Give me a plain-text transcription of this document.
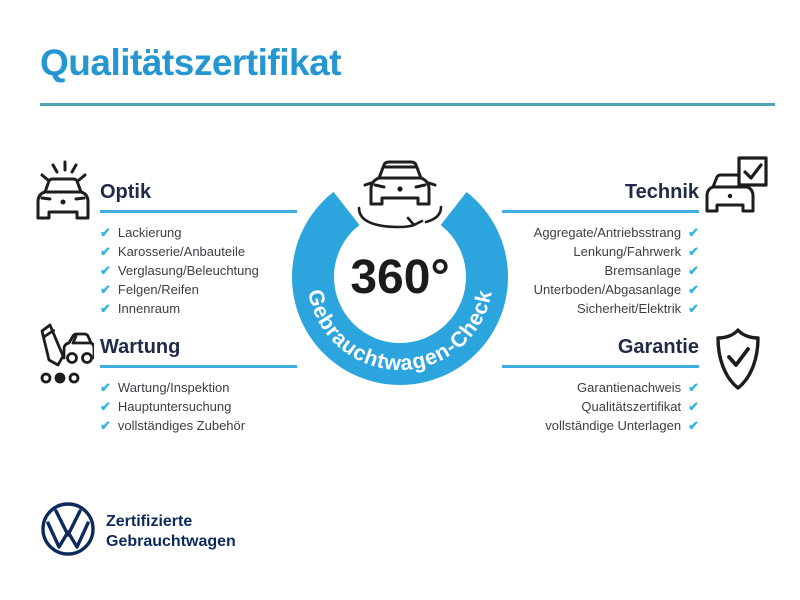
Qualitätszertifikat
Optik
✔ Lackierung
✔ Karosserie/Anbauteile
✔ Verglasung/Beleuchtung
✔ Felgen/Reifen
✔ Innenraum
Technik
Aggregate/Antriebsstrang ✔
Lenkung/Fahrwerk ✔
Bremsanlage ✔
Unterboden/Abgasanlage ✔
Sicherheit/Elektrik ✔
Wartung
✔ Wartung/Inspektion
✔ Hauptuntersuchung
✔ vollständiges Zubehör
Garantie
Garantienachweis ✔
Qualitätszertifikat ✔
vollständige Unterlagen ✔
Gebrauchtwagen-Check
360°
Zertifizierte
Gebrauchtwagen
